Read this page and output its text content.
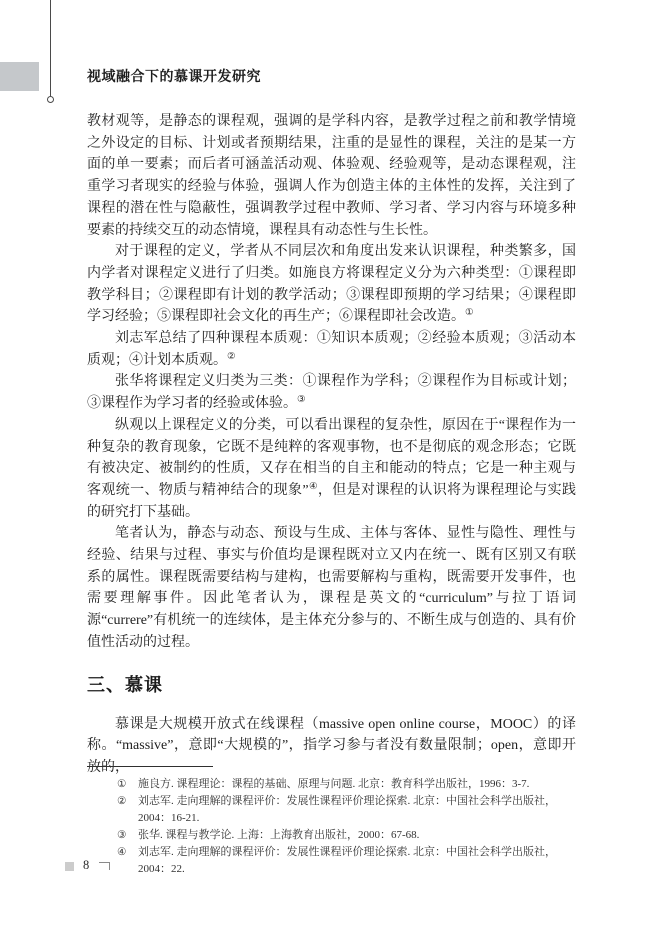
视域融合下的慕课开发研究

教材观等，是静态的课程观，强调的是学科内容，是教学过程之前和教学情境之外设定的目标、计划或者预期结果，注重的是显性的课程，关注的是某一方面的单一要素；而后者可涵盖活动观、体验观、经验观等，是动态课程观，注重学习者现实的经验与体验，强调人作为创造主体的主体性的发挥，关注到了课程的潜在性与隐蔽性，强调教学过程中教师、学习者、学习内容与环境多种要素的持续交互的动态情境，课程具有动态性与生长性。

对于课程的定义，学者从不同层次和角度出发来认识课程，种类繁多，国内学者对课程定义进行了归类。如施良方将课程定义分为六种类型：①课程即教学科目；②课程即有计划的教学活动；③课程即预期的学习结果；④课程即学习经验；⑤课程即社会文化的再生产；⑥课程即社会改造。①

刘志军总结了四种课程本质观：①知识本质观；②经验本质观；③活动本质观；④计划本质观。②

张华将课程定义归类为三类：①课程作为学科；②课程作为目标或计划；③课程作为学习者的经验或体验。③

纵观以上课程定义的分类，可以看出课程的复杂性，原因在于“课程作为一种复杂的教育现象，它既不是纯粹的客观事物，也不是彻底的观念形态；它既有被决定、被制约的性质，又存在相当的自主和能动的特点；它是一种主观与客观统一、物质与精神结合的现象”④，但是对课程的认识将为课程理论与实践的研究打下基础。

笔者认为，静态与动态、预设与生成、主体与客体、显性与隐性、理性与经验、结果与过程、事实与价值均是课程既对立又内在统一、既有区别又有联系的属性。课程既需要结构与建构，也需要解构与重构，既需要开发事件，也需要理解事件。因此笔者认为，课程是英文的“curriculum”与拉丁语词源“currere”有机统一的连续体，是主体充分参与的、不断生成与创造的、具有价值性活动的过程。

三、慕课

慕课是大规模开放式在线课程（massive open online course，MOOC）的译称。“massive”，意即“大规模的”，指学习参与者没有数量限制；open，意即开放的，

①	施良方. 课程理论：课程的基础、原理与问题. 北京：教育科学出版社，1996：3-7.
②	刘志军. 走向理解的课程评价：发展性课程评价理论探索. 北京：中国社会科学出版社，2004：16-21.
③	张华. 课程与教学论. 上海：上海教育出版社，2000：67-68.
④	刘志军. 走向理解的课程评价：发展性课程评价理论探索. 北京：中国社会科学出版社，2004：22.
8
